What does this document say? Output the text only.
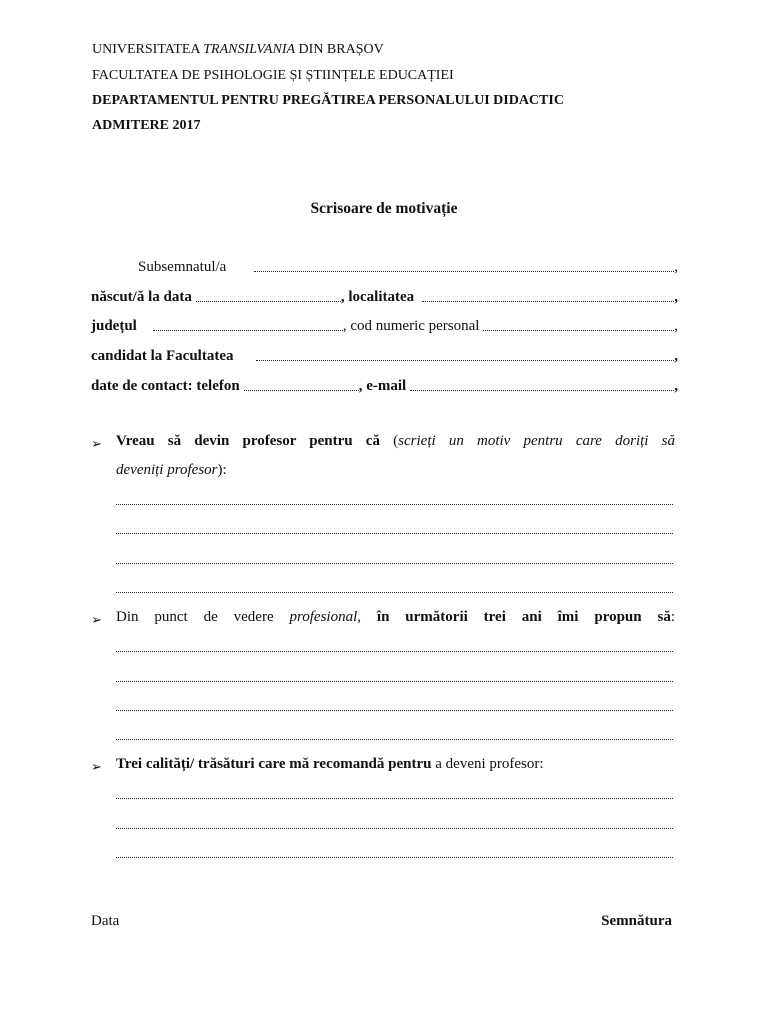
UNIVERSITATEA TRANSILVANIA DIN BRAȘOV
FACULTATEA DE PSIHOLOGIE ȘI ȘTIINȚELE EDUCAȚIEI
DEPARTAMENTUL PENTRU PREGĂTIREA PERSONALULUI DIDACTIC
ADMITERE 2017
Scrisoare de motivație
Subsemnatul/a	,
născut/ă la data	, localitatea	,
județul	, cod numeric personal	,
candidat la Facultatea	,
date de contact: telefon	, e-mail	,
➢ Vreau să devin profesor pentru că (scrieți un motiv pentru care doriți să
deveniți profesor):
➢ Din punct de vedere profesional, în următorii trei ani îmi propun să:
➢ Trei calități/ trăsături care mă recomandă pentru a deveni profesor:
Data	Semnătura
